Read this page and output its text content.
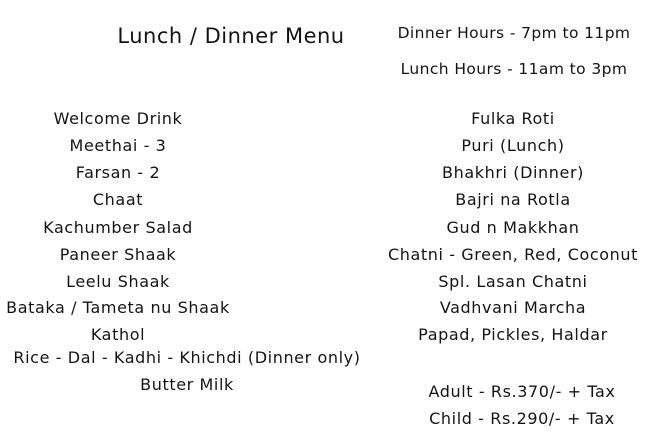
Lunch / Dinner Menu	Dinner Hours - 7pm to 11pm
Lunch Hours - 11am to 3pm
Welcome Drink
Meethai - 3
Farsan - 2
Chaat
Kachumber Salad
Paneer Shaak
Leelu Shaak
Bataka / Tameta nu Shaak
Kathol
Rice - Dal - Kadhi - Khichdi (Dinner only)
Butter Milk
Fulka Roti
Puri (Lunch)
Bhakhri (Dinner)
Bajri na Rotla
Gud n Makkhan
Chatni - Green, Red, Coconut
Spl. Lasan Chatni
Vadhvani Marcha
Papad, Pickles, Haldar
Adult - Rs.370/- + Tax
Child - Rs.290/- + Tax
